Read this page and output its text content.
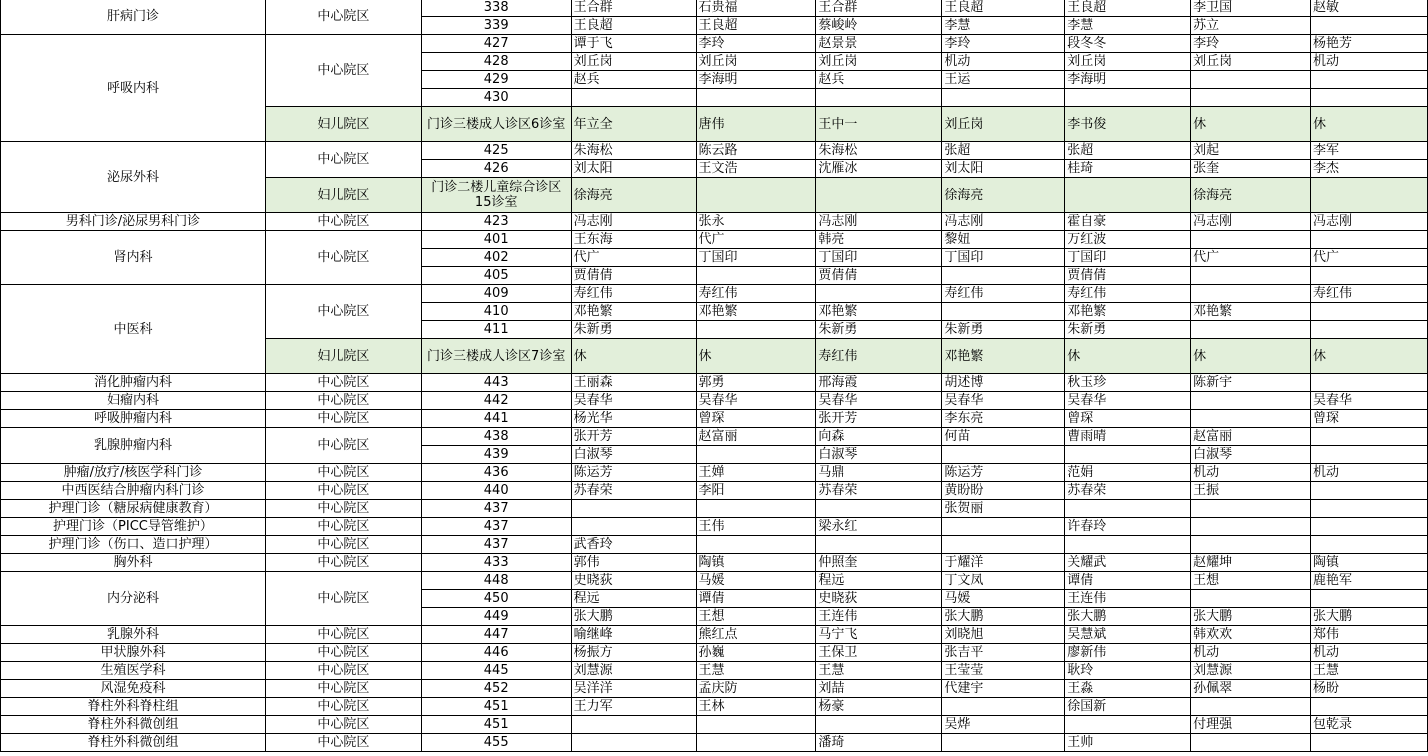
肝病门诊	中心院区	338	王合群	石贵福	王合群	王良超	王良超	李卫国	赵敏
		339	王良超	王良超	蔡峻岭	李慧	李慧	苏立	
呼吸内科	中心院区	427	谭于飞	李玲	赵景景	李玲	段冬冬	李玲	杨艳芳
		428	刘丘岗	刘丘岗	刘丘岗	机动	刘丘岗	刘丘岗	机动
		429	赵兵	李海明	赵兵	王运	李海明		
		430							
	妇儿院区	门诊三楼成人诊区6诊室	年立全	唐伟	王中一	刘丘岗	李书俊	休	休
泌尿外科	中心院区	425	朱海松	陈云路	朱海松	张超	张超	刘起	李军
		426	刘太阳	王文浩	沈雁冰	刘太阳	桂琦	张奎	李杰
	妇儿院区	门诊二楼儿童综合诊区15诊室	徐海亮			徐海亮		徐海亮	
男科门诊/泌尿男科门诊	中心院区	423	冯志刚	张永	冯志刚	冯志刚	霍自豪	冯志刚	冯志刚
肾内科	中心院区	401	王东海	代广	韩亮	黎妞	万红波		
		402	代广	丁国印	丁国印	丁国印	丁国印	代广	代广
		405	贾倩倩		贾倩倩		贾倩倩		
中医科	中心院区	409	寿红伟	寿红伟		寿红伟	寿红伟		寿红伟
		410	邓艳繁	邓艳繁	邓艳繁		邓艳繁	邓艳繁	
		411	朱新勇		朱新勇	朱新勇	朱新勇		
	妇儿院区	门诊三楼成人诊区7诊室	休	休	寿红伟	邓艳繁	休	休	休
消化肿瘤内科	中心院区	443	王丽森	郭勇	邢海霞	胡述博	秋玉珍	陈新宇	
妇瘤内科	中心院区	442	吴春华	吴春华	吴春华	吴春华	吴春华		吴春华
呼吸肿瘤内科	中心院区	441	杨光华	曾琛	张开芳	李东亮	曾琛		曾琛
乳腺肿瘤内科	中心院区	438	张开芳	赵富丽	向森	何苗	曹雨晴	赵富丽	
		439	白淑琴		白淑琴			白淑琴	
肿瘤/放疗/核医学科门诊	中心院区	436	陈运芳	王婵	马鼎	陈运芳	范娟	机动	机动
中西医结合肿瘤内科门诊	中心院区	440	苏春荣	李阳	苏春荣	黄盼盼	苏春荣	王振	
护理门诊（糖尿病健康教育）	中心院区	437				张贺丽			
护理门诊（PICC导管维护）	中心院区	437		王伟	梁永红		许春玲		
护理门诊（伤口、造口护理）	中心院区	437	武香玲						
胸外科	中心院区	433	郭伟	陶镇	仲照奎	于耀洋	关耀武	赵耀坤	陶镇
内分泌科	中心院区	448	史晓荻	马媛	程远	丁文凤	谭倩	王想	鹿艳军
		450	程远	谭倩	史晓荻	马媛	王连伟		
		449	张大鹏	王想	王连伟	张大鹏	张大鹏	张大鹏	张大鹏
乳腺外科	中心院区	447	喻继峰	熊红点	马宁飞	刘晓旭	吴慧斌	韩欢欢	郑伟
甲状腺外科	中心院区	446	杨振方	孙巍	王保卫	张吉平	廖新伟	机动	机动
生殖医学科	中心院区	445	刘慧源	王慧	王慧	王莹莹	耿玲	刘慧源	王慧
风湿免疫科	中心院区	452	吴洋洋	孟庆防	刘喆	代建宇	王淼	孙佩翠	杨盼
脊柱外科脊柱组	中心院区	451	王力军	王林	杨豪		徐国新		
脊柱外科微创组	中心院区	451				吴烨		付理强	包乾录
脊柱外科微创组	中心院区	455			潘琦		王帅		
